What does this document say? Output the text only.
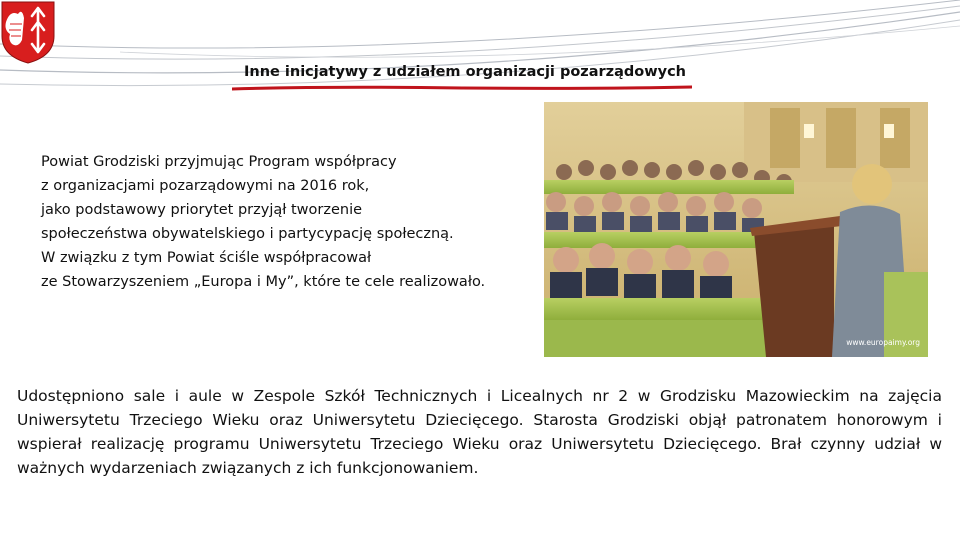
Inne inicjatywy z udziałem organizacji pozarządowych

Powiat Grodziski przyjmując Program współpracy
z organizacjami pozarządowymi na 2016 rok,
jako podstawowy priorytet przyjął tworzenie
społeczeństwa obywatelskiego i partycypację społeczną.
W związku z tym Powiat ściśle współpracował
ze Stowarzyszeniem „Europa i My”, które te cele realizowało.

www.europaimy.org

Udostępniono sale i aule w Zespole Szkół Technicznych i Licealnych nr 2 w Grodzisku Mazowieckim na zajęcia Uniwersytetu Trzeciego Wieku oraz Uniwersytetu Dziecięcego. Starosta Grodziski objął patronatem honorowym i wspierał realizację programu Uniwersytetu Trzeciego Wieku oraz Uniwersytetu Dziecięcego. Brał czynny udział w ważnych wydarzeniach związanych z ich funkcjonowaniem.
